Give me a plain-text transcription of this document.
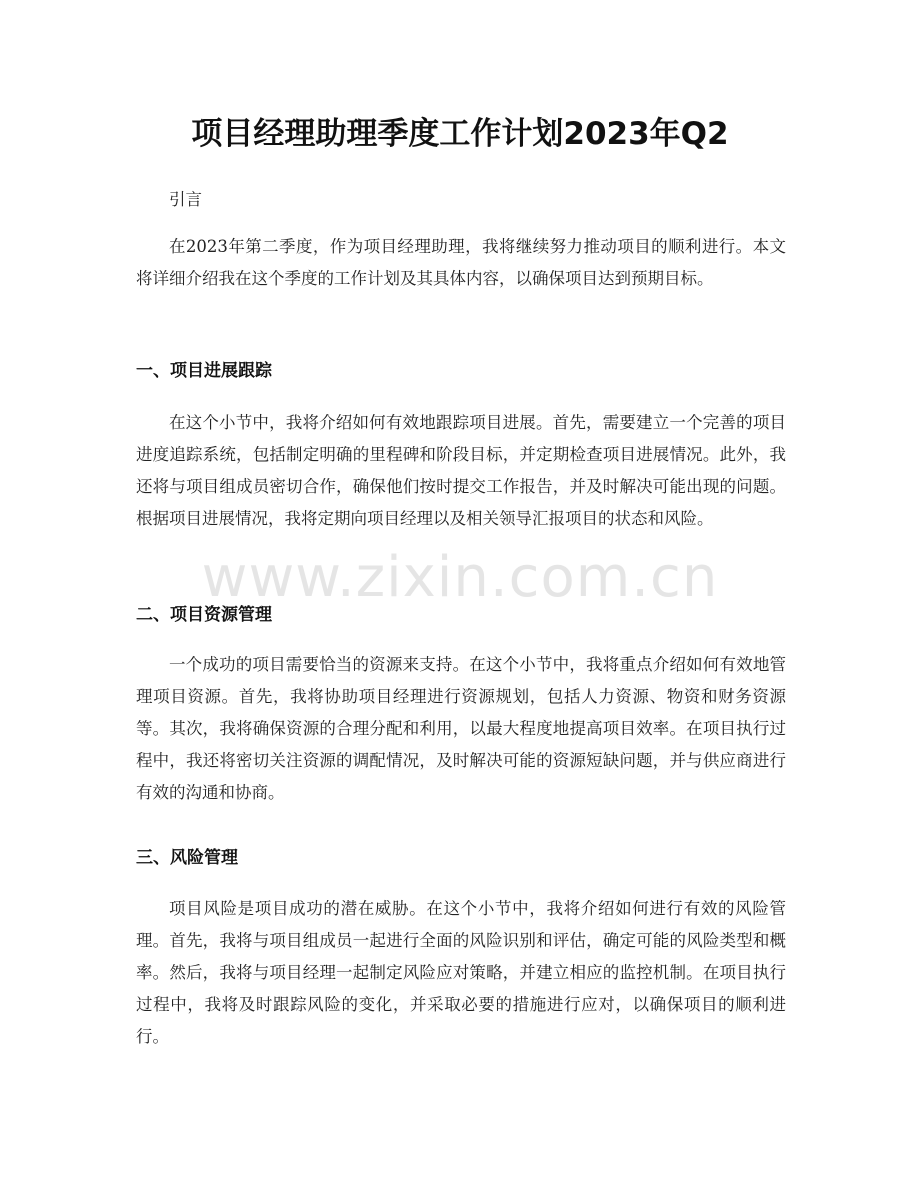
项目经理助理季度工作计划2023年Q2

引言

在2023年第二季度，作为项目经理助理，我将继续努力推动项目的顺利进行。本文将详细介绍我在这个季度的工作计划及其具体内容，以确保项目达到预期目标。

一、项目进展跟踪

在这个小节中，我将介绍如何有效地跟踪项目进展。首先，需要建立一个完善的项目进度追踪系统，包括制定明确的里程碑和阶段目标，并定期检查项目进展情况。此外，我还将与项目组成员密切合作，确保他们按时提交工作报告，并及时解决可能出现的问题。根据项目进展情况，我将定期向项目经理以及相关领导汇报项目的状态和风险。

二、项目资源管理

一个成功的项目需要恰当的资源来支持。在这个小节中，我将重点介绍如何有效地管理项目资源。首先，我将协助项目经理进行资源规划，包括人力资源、物资和财务资源等。其次，我将确保资源的合理分配和利用，以最大程度地提高项目效率。在项目执行过程中，我还将密切关注资源的调配情况，及时解决可能的资源短缺问题，并与供应商进行有效的沟通和协商。

三、风险管理

项目风险是项目成功的潜在威胁。在这个小节中，我将介绍如何进行有效的风险管理。首先，我将与项目组成员一起进行全面的风险识别和评估，确定可能的风险类型和概率。然后，我将与项目经理一起制定风险应对策略，并建立相应的监控机制。在项目执行过程中，我将及时跟踪风险的变化，并采取必要的措施进行应对，以确保项目的顺利进行。

www.zixin.com.cn
